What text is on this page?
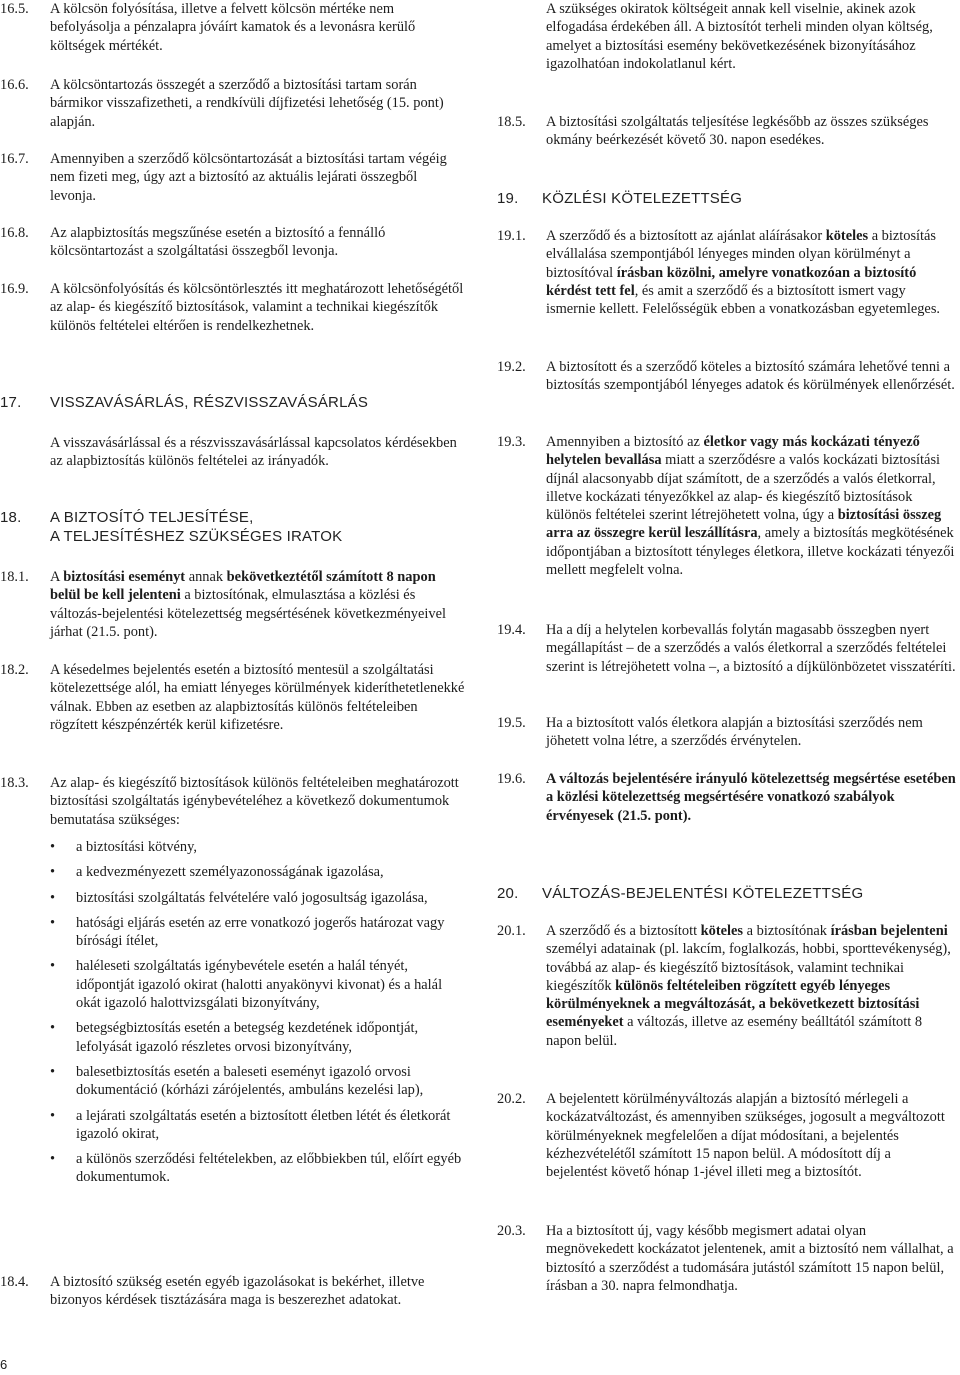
16.5.	A kölcsön folyósítása, illetve a felvett kölcsön mértéke nem befolyásolja a pénzalapra jóváírt kamatok és a levonásra kerülő költségek mértékét.
16.6.	A kölcsöntartozás összegét a szerződő a biztosítási tartam során bármikor visszafizetheti, a rendkívüli díjfizetési lehetőség (15. pont) alapján.
16.7.	Amennyiben a szerződő kölcsöntartozását a biztosítási tartam végéig nem fizeti meg, úgy azt a biztosító az aktuális lejárati összegből levonja.
16.8.	Az alapbiztosítás megszűnése esetén a biztosító a fennálló kölcsöntartozást a szolgáltatási összegből levonja.
16.9.	A kölcsönfolyósítás és kölcsöntörlesztés itt meghatározott lehetőségétől az alap- és kiegészítő biztosítások, valamint a technikai kiegészítők különös feltételei eltérően is rendelkezhetnek.
17.	VISSZAVÁSÁRLÁS, RÉSZVISSZAVÁSÁRLÁS
A visszavásárlással és a részvisszavásárlással kapcsolatos kérdésekben az alapbiztosítás különös feltételei az irányadók.
18.	A BIZTOSÍTÓ TELJESÍTÉSE,
A TELJESÍTÉSHEZ SZÜKSÉGES IRATOK
18.1.	A biztosítási eseményt annak bekövetkeztétől számított 8 napon belül be kell jelenteni a biztosítónak, elmulasztása a közlési és változás-bejelentési kötelezettség megsértésének következményeivel járhat (21.5. pont).
18.2.	A késedelmes bejelentés esetén a biztosító mentesül a szolgáltatási kötelezettsége alól, ha emiatt lényeges körülmények kideríthetetlenekké válnak. Ebben az esetben az alapbiztosítás különös feltételeiben rögzített készpénzérték kerül kifizetésre.
18.3.	Az alap- és kiegészítő biztosítások különös feltételeiben meghatározott biztosítási szolgáltatás igénybevételéhez a következő dokumentumok bemutatása szükséges:
• a biztosítási kötvény,
• a kedvezményezett személyazonosságának igazolása,
• biztosítási szolgáltatás felvételére való jogosultság igazolása,
• hatósági eljárás esetén az erre vonatkozó jogerős határozat vagy bírósági ítélet,
• haléleseti szolgáltatás igénybevétele esetén a halál tényét, időpontját igazoló okirat (halotti anyakönyvi kivonat) és a halál okát igazoló halottvizsgálati bizonyítvány,
• betegségbiztosítás esetén a betegség kezdetének időpontját, lefolyását igazoló részletes orvosi bizonyítvány,
• balesetbiztosítás esetén a baleseti eseményt igazoló orvosi dokumentáció (kórházi zárójelentés, ambuláns kezelési lap),
• a lejárati szolgáltatás esetén a biztosított életben létét és életkorát igazoló okirat,
• a különös szerződési feltételekben, az előbbiekben túl, előírt egyéb dokumentumok.
18.4.	A biztosító szükség esetén egyéb igazolásokat is bekérhet, illetve bizonyos kérdések tisztázására maga is beszerezhet adatokat.
A szükséges okiratok költségeit annak kell viselnie, akinek azok elfogadása érdekében áll. A biztosítót terheli minden olyan költség, amelyet a biztosítási esemény bekövetkezésének bizonyításához igazolhatóan indokolatlanul kért.
18.5.	A biztosítási szolgáltatás teljesítése legkésőbb az összes szükséges okmány beérkezését követő 30. napon esedékes.
19.	KÖZLÉSI KÖTELEZETTSÉG
19.1.	A szerződő és a biztosított az ajánlat aláírásakor köteles a biztosítás elvállalása szempontjából lényeges minden olyan körülményt a biztosítóval írásban közölni, amelyre vonatkozóan a biztosító kérdést tett fel, és amit a szerződő és a biztosított ismert vagy ismernie kellett. Felelősségük ebben a vonatkozásban egyetemleges.
19.2.	A biztosított és a szerződő köteles a biztosító számára lehetővé tenni a biztosítás szempontjából lényeges adatok és körülmények ellenőrzését.
19.3.	Amennyiben a biztosító az életkor vagy más kockázati tényező helytelen bevallása miatt a szerződésre a valós kockázati biztosítási díjnál alacsonyabb díjat számított, de a szerződés a valós életkorral, illetve kockázati tényezőkkel az alap- és kiegészítő biztosítások különös feltételei szerint létrejöhetett volna, úgy a biztosítási összeg arra az összegre kerül leszállításra, amely a biztosítás megkötésének időpontjában a biztosított tényleges életkora, illetve kockázati tényezői mellett megfelelt volna.
19.4.	Ha a díj a helytelen korbevallás folytán magasabb összegben nyert megállapítást – de a szerződés a valós életkorral a szerződés feltételei szerint is létrejöhetett volna –, a biztosító a díjkülönbözetet visszatéríti.
19.5.	Ha a biztosított valós életkora alapján a biztosítási szerződés nem jöhetett volna létre, a szerződés érvénytelen.
19.6.	A változás bejelentésére irányuló kötelezettség megsértése esetében a közlési kötelezettség megsértésére vonatkozó szabályok érvényesek (21.5. pont).
20.	VÁLTOZÁS-BEJELENTÉSI KÖTELEZETTSÉG
20.1.	A szerződő és a biztosított köteles a biztosítónak írásban bejelenteni személyi adatainak (pl. lakcím, foglalkozás, hobbi, sporttevékenység), továbbá az alap- és kiegészítő biztosítások, valamint technikai kiegészítők különös feltételeiben rögzített egyéb lényeges körülményeknek a megváltozását, a bekövetkezett biztosítási eseményeket a változás, illetve az esemény beálltától számított 8 napon belül.
20.2.	A bejelentett körülményváltozás alapján a biztosító mérlegeli a kockázatváltozást, és amennyiben szükséges, jogosult a megváltozott körülményeknek megfelelően a díjat módosítani, a bejelentés kézhezvételétől számított 15 napon belül. A módosított díj a bejelentést követő hónap 1-jével illeti meg a biztosítót.
20.3.	Ha a biztosított új, vagy később megismert adatai olyan megnövekedett kockázatot jelentenek, amit a biztosító nem vállalhat, a biztosító a szerződést a tudomására jutástól számított 15 napon belül, írásban a 30. napra felmondhatja.
6
